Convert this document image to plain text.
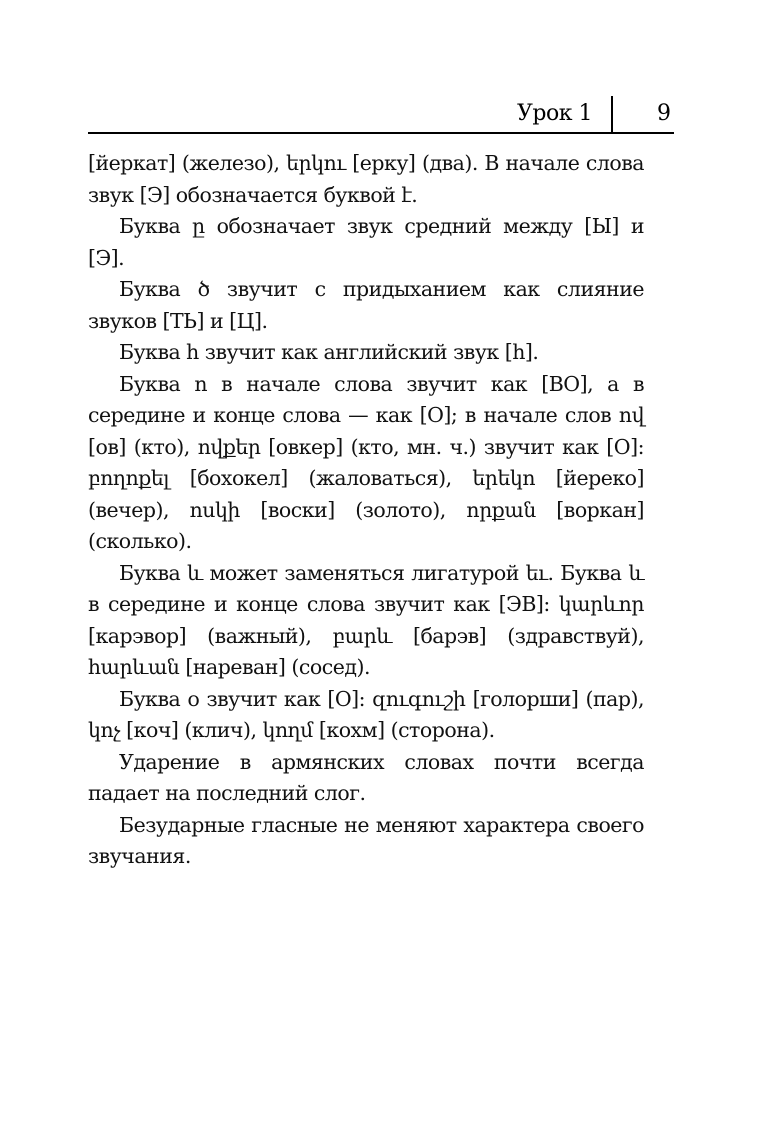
Урок 1	9

[йеркат] (железо), երկու [ерку] (два). В начале слова звук [Э] обозначается буквой է.

Буква ը обозначает звук средний между [Ы] и [Э].

Буква ծ звучит с придыханием как слияние звуков [ТЬ] и [Ц].

Буква հ звучит как английский звук [h].

Буква ո в начале слова звучит как [ВО], а в середине и конце слова — как [О]; в начале слов ով [ов] (кто), ովքեր [овкер] (кто, мн. ч.) звучит как [О]: բողոքել [бохокел] (жаловаться), երեկո [йереко] (вечер), ոսկի [воски] (золото), որքան [воркан] (сколько).

Буква և может заменяться лигатурой եւ. Буква և в середине и конце слова звучит как [ЭВ]: կարևոր [карэвор] (важный), բարև [барэв] (здравствуй), հարևան [нарeван] (сосед).

Буква օ звучит как [О]: զուգուշի [голорши] (пар), կոչ [коч] (клич), կողմ [кохм] (сторона).

Ударение в армянских словах почти всегда падает на последний слог.

Безударные гласные не меняют характера своего звучания.
